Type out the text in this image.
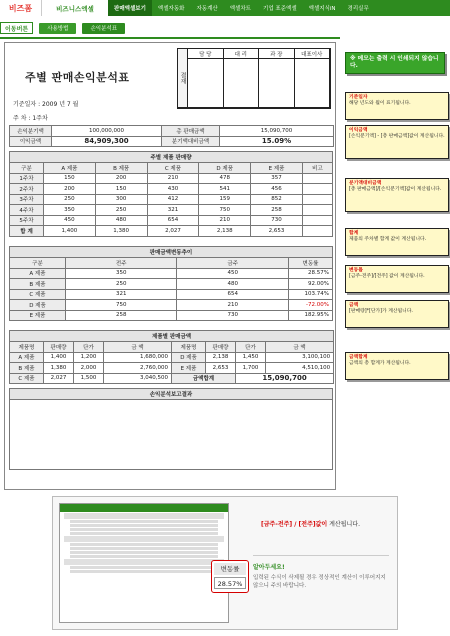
비즈폼	비즈니스엑셀	판매엑셀보기	엑셀자동화	자동계산	엑셀차트	기업 표준엑셀	엑셀지식iN	경리실무
이동버튼	사용방법	손익분석표
결재
담 당	대 리	과 장	대표이사
주별 판매손익분석표
기준일자 : 2009 년 7 월
주 차 : 1주차
손익분기액	100,000,000	총 판매금액	15,090,700
이익금액	84,909,300	분기액대비금액	15.09%
주별 제품 판매량						
구분	A 제품	B 제품	C 제품	D 제품	E 제품	비고
1주차	150	200	210	478	357	
2주차	200	150	430	541	456	
3주차	250	300	412	159	852	
4주차	350	250	321	750	258	
5주차	450	480	654	210	730	
합 계	1,400	1,380	2,027	2,138	2,653	
판매금액변동추이			
구분	전주	금주	변동률
A 제품	350	450	28.57%
B 제품	250	480	92.00%
C 제품	321	654	103.74%
D 제품	750	210	-72.00%
E 제품	258	730	182.95%
제품별 판매금액							
제품명	판매량	단가	금 액	제품명	판매량	단가	금 액
A 제품	1,400	1,200	1,680,000	D 제품	2,138	1,450	3,100,100
B 제품	1,380	2,000	2,760,000	E 제품	2,653	1,700	4,510,100
C 제품	2,027	1,500	3,040,500	금액합계		15,090,700	
손익분석보고결과

※ 메모는 출력 시 인쇄되지 않습니다.
기준일자
해당 년도와 월이 표기됩니다.
이익금액
[손익분기액] - [총 판매금액]값이 계산됩니다.
분기액대비금액
[총 판매금액]/[손익분기액]값이 계산됩니다.
합계
제품의 주차별 합계 값이 계산됩니다.
변동률
[금주-전주]/[전주] 값이 계산됩니다.
금액
[판매량]*[단가]가 계산됩니다.
금액합계
금액의 총 합계가 계산됩니다.
변동률
28.57%
[금주-전주] / [전주]값이 계산됩니다.
알아두세요!
입력된 수식이 삭제될 경우 정상적인 계산이 이루어지지 않으니 주의 바랍니다.
